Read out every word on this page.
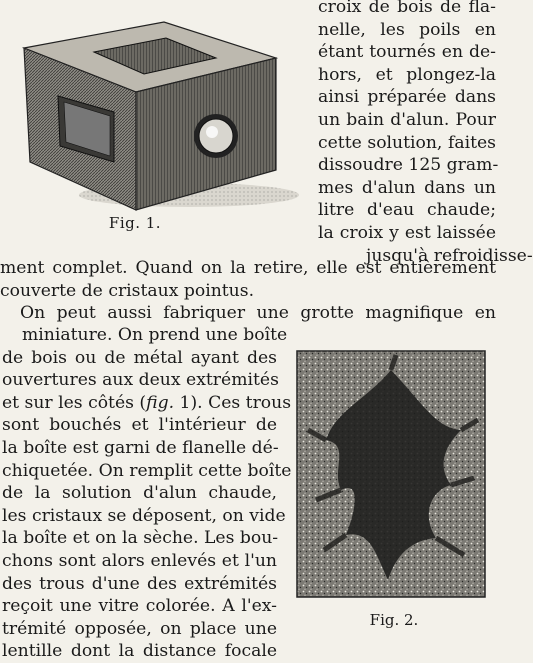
Fig. 1.
croix de bois de fla-
nelle, les poils en
étant tournés en de-
hors, et plongez-la
ainsi préparée dans
un bain d'alun. Pour
cette solution, faites
dissoudre 125 gram-
mes d'alun dans un
litre d'eau chaude;
la croix y est laissée
jusqu'à refroidisse-
ment complet. Quand on la retire, elle est entièrement
couverte de cristaux pointus.
On peut aussi fabriquer une grotte magnifique en
miniature. On prend une boîte
de bois ou de métal ayant des
ouvertures aux deux extrémités
et sur les côtés (fig. 1). Ces trous
sont bouchés et l'intérieur de
la boîte est garni de flanelle dé-
chiquetée. On remplit cette boîte
de la solution d'alun chaude,
les cristaux se déposent, on vide
la boîte et on la sèche. Les bou-
chons sont alors enlevés et l'un
des trous d'une des extrémités
reçoit une vitre colorée. A l'ex-
trémité opposée, on place une
lentille dont la distance focale
Fig. 2.
